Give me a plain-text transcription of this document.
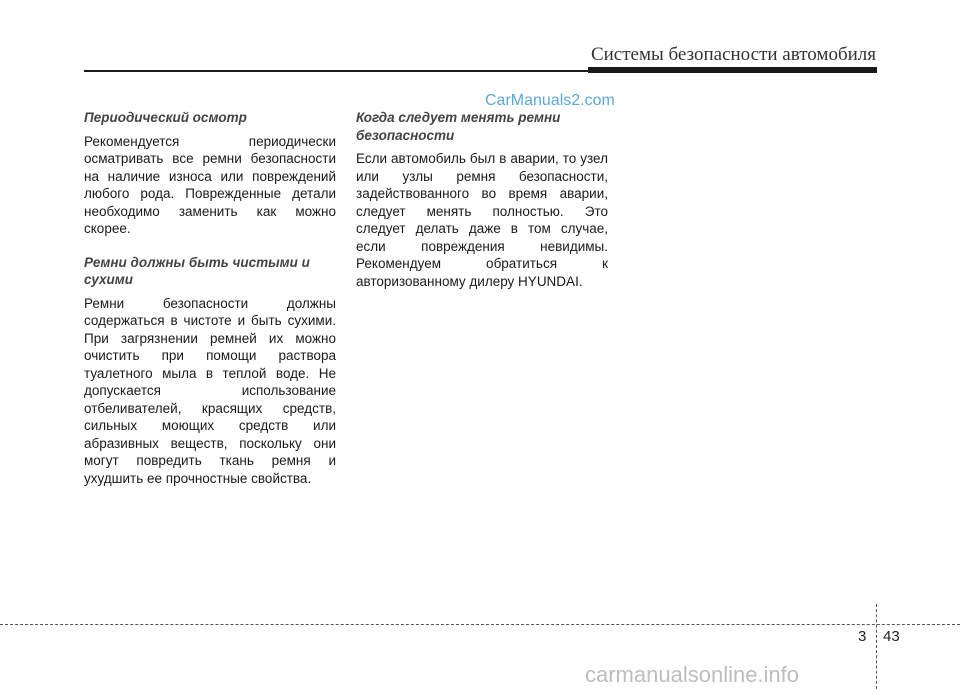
Системы безопасности автомобиля
CarManuals2.com
Периодический осмотр
Рекомендуется периодически осматривать все ремни безопасности на наличие износа или повреждений любого рода. Поврежденные детали необходимо заменить как можно скорее.
Ремни должны быть чистыми и сухими
Ремни безопасности должны содержаться в чистоте и быть сухими. При загрязнении ремней их можно очистить при помощи раствора туалетного мыла в теплой воде. Не допускается использование отбеливателей, красящих средств, сильных моющих средств или абразивных веществ, поскольку они могут повредить ткань ремня и ухудшить ее прочностные свойства.
Когда следует менять ремни безопасности
Если автомобиль был в аварии, то узел или узлы ремня безопасности, задействованного во время аварии, следует менять полностью. Это следует делать даже в том случае, если повреждения невидимы. Рекомендуем обратиться к авторизованному дилеру HYUNDAI.
3 43
carmanualsonline.info
